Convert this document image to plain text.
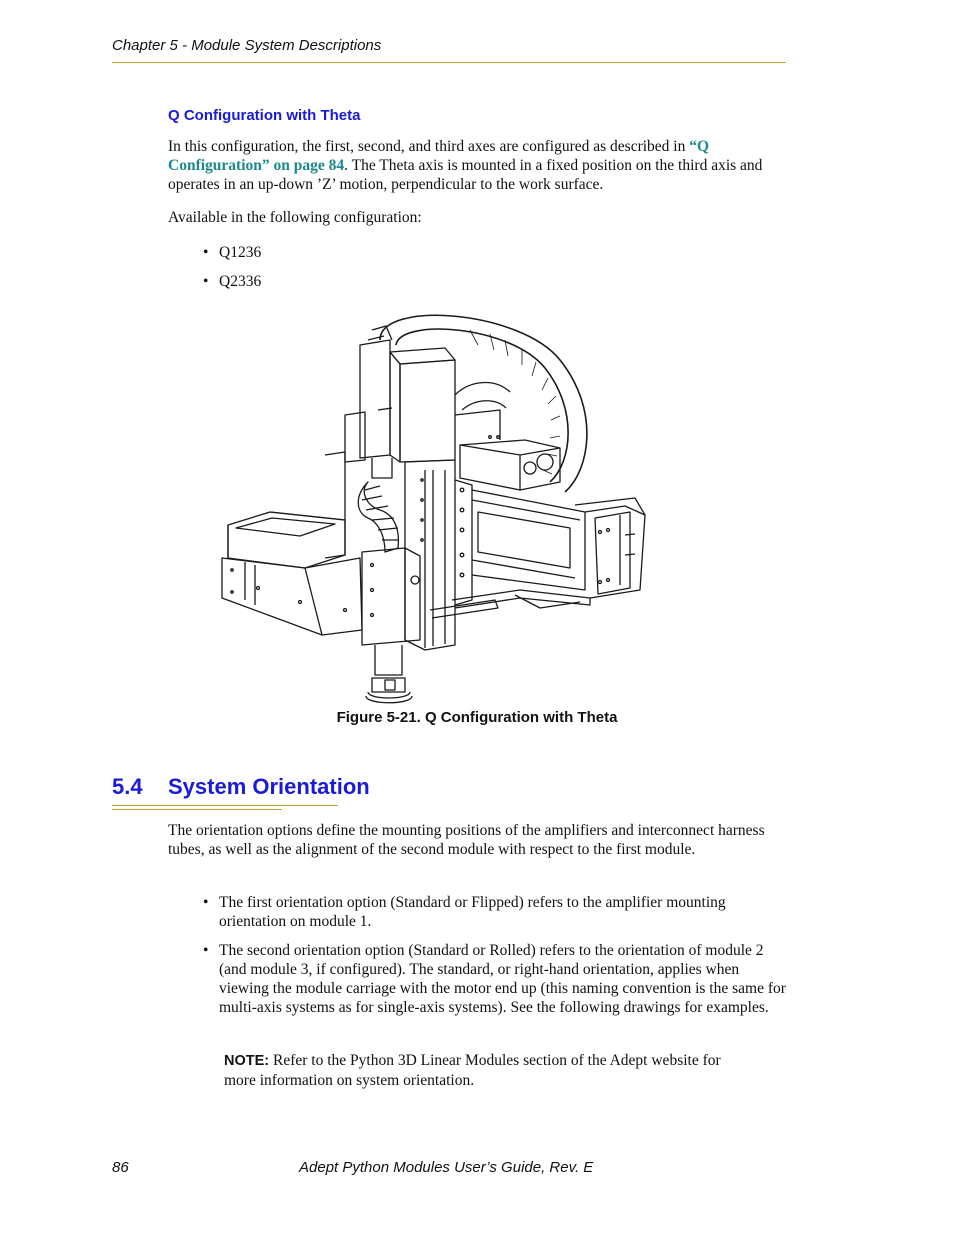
Chapter 5 - Module System Descriptions
Q Configuration with Theta
In this configuration, the first, second, and third axes are configured as described in “Q Configuration” on page 84. The Theta axis is mounted in a fixed position on the third axis and operates in an up-down ’Z’ motion, perpendicular to the work surface.
Available in the following configuration:
• Q1236
• Q2336
Figure 5-21. Q Configuration with Theta
5.4 System Orientation
The orientation options define the mounting positions of the amplifiers and interconnect harness tubes, as well as the alignment of the second module with respect to the first module.
• The first orientation option (Standard or Flipped) refers to the amplifier mounting orientation on module 1.
• The second orientation option (Standard or Rolled) refers to the orientation of module 2 (and module 3, if configured). The standard, or right-hand orientation, applies when viewing the module carriage with the motor end up (this naming convention is the same for multi-axis systems as for single-axis systems). See the following drawings for examples.
NOTE: Refer to the Python 3D Linear Modules section of the Adept website for more information on system orientation.
86	Adept Python Modules User’s Guide, Rev. E
